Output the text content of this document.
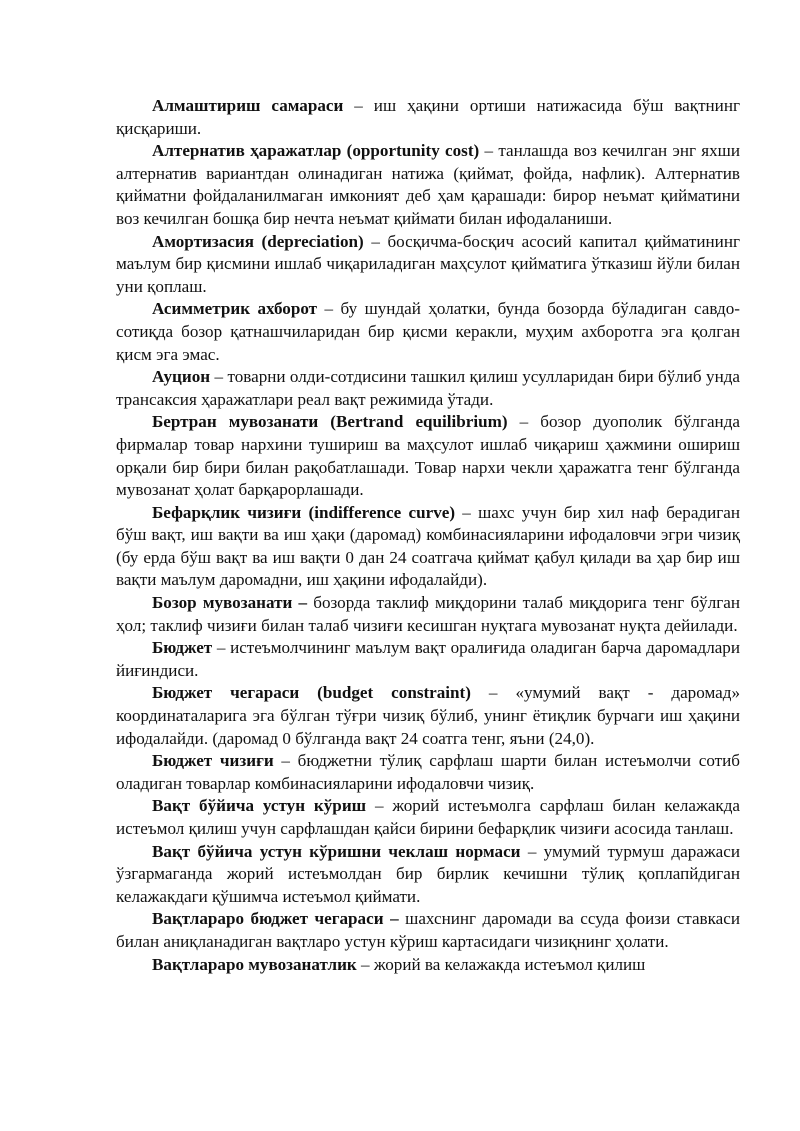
Алмаштириш самараси – иш ҳақини ортиши натижасида бўш вақтнинг қисқариши.

Алтернатив ҳаражатлар (opportunity cost) – танлашда воз кечилган энг яхши алтернатив вариантдан олинадиган натижа (қиймат, фойда, нафлик). Алтернатив қийматни фойдаланилмаган имконият деб ҳам қарашади: бирор неъмат қийматини воз кечилган бошқа бир нечта неъмат қиймати билан ифодаланиши.

Амортизасия (depreciation) – босқичма-босқич асосий капитал қийматининг маълум бир қисмини ишлаб чиқариладиган маҳсулот қийматига ўтказиш йўли билан уни қоплаш.

Асимметрик ахборот – бу шундай ҳолатки, бунда бозорда бўладиган савдо-сотиқда бозор қатнашчиларидан бир қисми керакли, муҳим ахборотга эга қолган қисм эга эмас.

Ауцион – товарни олди-сотдисини ташкил қилиш усулларидан бири бўлиб унда трансаксия ҳаражатлари реал вақт режимида ўтади.

Бертран мувозанати (Bertrand equilibrium) – бозор дуополик бўлганда фирмалар товар нархини тушириш ва маҳсулот ишлаб чиқариш ҳажмини ошириш орқали бир бири билан рақобатлашади. Товар нархи чекли ҳаражатга тенг бўлганда мувозанат ҳолат барқарорлашади.

Бефарқлик чизиғи (indifference curve) – шахс учун бир хил наф берадиган бўш вақт, иш вақти ва иш ҳақи (даромад) комбинасияларини ифодаловчи эгри чизиқ (бу ерда бўш вақт ва иш вақти 0 дан 24 соатгача қиймат қабул қилади ва ҳар бир иш вақти маълум даромадни, иш ҳақини ифодалайди).

Бозор мувозанати – бозорда таклиф миқдорини талаб миқдорига тенг бўлган ҳол; таклиф чизиғи билан талаб чизиғи кесишган нуқтага мувозанат нуқта дейилади.

Бюджет – истеъмолчининг маълум вақт оралиғида оладиган барча даромадлари йиғиндиси.

Бюджет чегараси (budget constraint) – «умумий вақт - даромад» координаталарига эга бўлган тўғри чизиқ бўлиб, унинг ётиқлик бурчаги иш ҳақини ифодалайди. (даромад 0 бўлганда вақт 24 соатга тенг, яъни (24,0).

Бюджет чизиғи – бюджетни тўлиқ сарфлаш шарти билан истеъмолчи сотиб оладиган товарлар комбинасияларини ифодаловчи чизиқ.

Вақт бўйича устун кўриш – жорий истеъмолга сарфлаш билан келажакда истеъмол қилиш учун сарфлашдан қайси бирини бефарқлик чизиғи асосида танлаш.

Вақт бўйича устун кўришни чеклаш нормаси – умумий турмуш даражаси ўзгармаганда жорий истеъмолдан бир бирлик кечишни тўлиқ қоплапйдиган келажакдаги қўшимча истеъмол қиймати.

Вақтлараро бюджет чегараси – шахснинг даромади ва ссуда фоизи ставкаси билан аниқланадиган вақтларо устун кўриш картасидаги чизиқнинг ҳолати.

Вақтлараро мувозанатлик – жорий ва келажакда истеъмол қилиш
